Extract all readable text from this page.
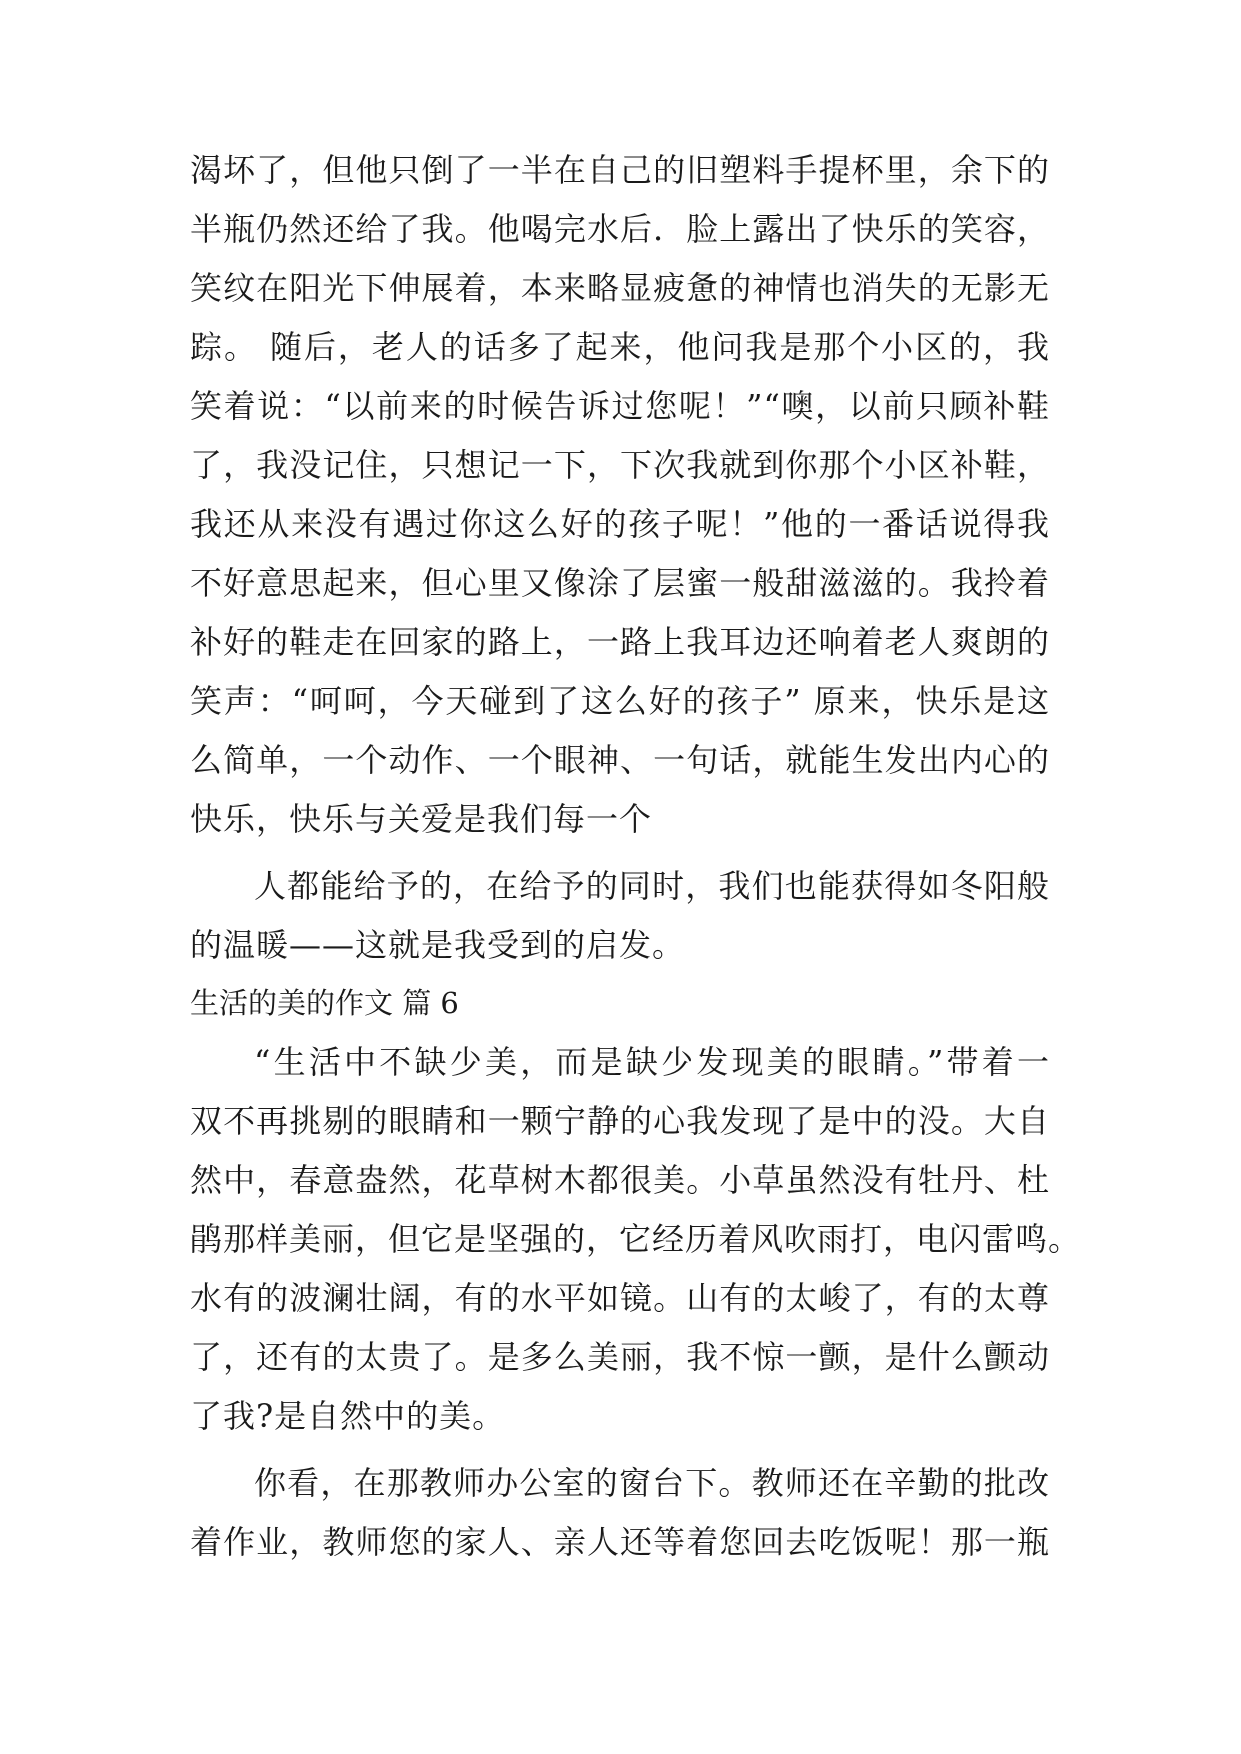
渴坏了，但他只倒了一半在自己的旧塑料手提杯里，余下的
半瓶仍然还给了我。他喝完水后．脸上露出了快乐的笑容，
笑纹在阳光下伸展着，本来略显疲惫的神情也消失的无影无
踪。 随后，老人的话多了起来，他问我是那个小区的，我
笑着说：“以前来的时候告诉过您呢！”“噢，以前只顾补鞋
了，我没记住，只想记一下，下次我就到你那个小区补鞋，
我还从来没有遇过你这么好的孩子呢！”他的一番话说得我
不好意思起来，但心里又像涂了层蜜一般甜滋滋的。我拎着
补好的鞋走在回家的路上，一路上我耳边还响着老人爽朗的
笑声：“呵呵，今天碰到了这么好的孩子” 原来，快乐是这
么简单，一个动作、一个眼神、一句话，就能生发出内心的
快乐，快乐与关爱是我们每一个
人都能给予的，在给予的同时，我们也能获得如冬阳般
的温暖——这就是我受到的启发。
生活的美的作文 篇 6
“生活中不缺少美，而是缺少发现美的眼睛。”带着一
双不再挑剔的眼睛和一颗宁静的心我发现了是中的没。大自
然中，春意盎然，花草树木都很美。小草虽然没有牡丹、杜
鹃那样美丽，但它是坚强的，它经历着风吹雨打，电闪雷鸣。
水有的波澜壮阔，有的水平如镜。山有的太峻了，有的太尊
了，还有的太贵了。是多么美丽，我不惊一颤，是什么颤动
了我?是自然中的美。
你看，在那教师办公室的窗台下。教师还在辛勤的批改
着作业，教师您的家人、亲人还等着您回去吃饭呢！那一瓶
